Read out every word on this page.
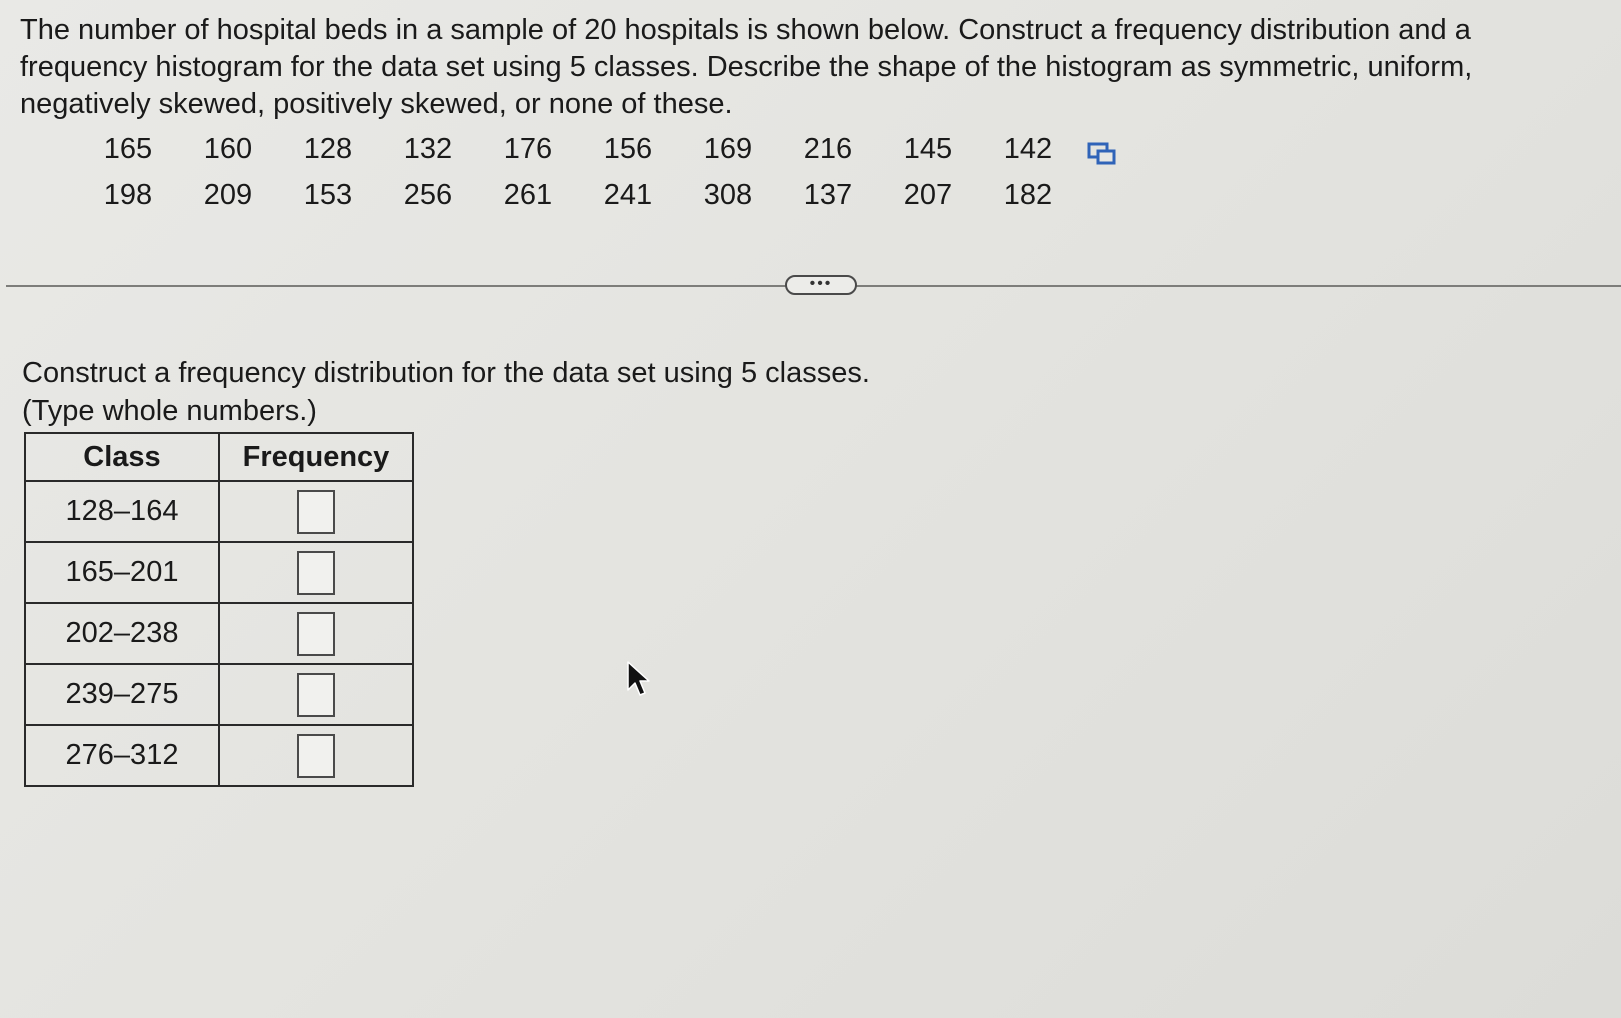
The number of hospital beds in a sample of 20 hospitals is shown below. Construct a frequency distribution and a frequency histogram for the data set using 5 classes. Describe the shape of the histogram as symmetric, uniform, negatively skewed, positively skewed, or none of these.

165	160	128	132	176	156	169	216	145	142
198	209	153	256	261	241	308	137	207	182
•••

Construct a frequency distribution for the data set using 5 classes.
(Type whole numbers.)

Class	Frequency
128–164	
165–201	
202–238	
239–275	
276–312	
